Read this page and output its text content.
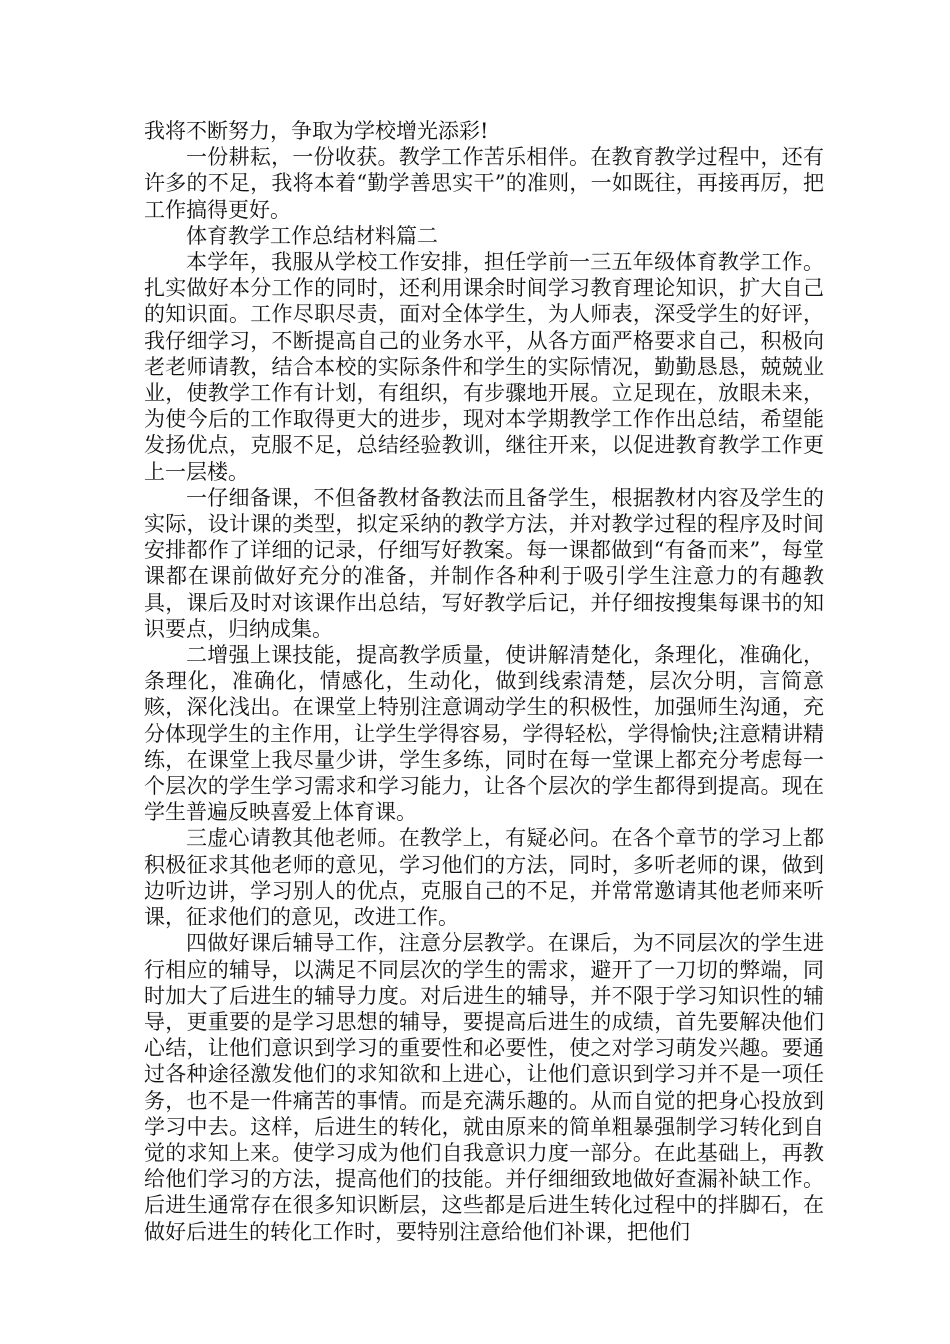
我将不断努力，争取为学校增光添彩!

一份耕耘，一份收获。教学工作苦乐相伴。在教育教学过程中，还有许多的不足，我将本着“勤学善思实干”的准则，一如既往，再接再厉，把工作搞得更好。

体育教学工作总结材料篇二

本学年，我服从学校工作安排，担任学前一三五年级体育教学工作。扎实做好本分工作的同时，还利用课余时间学习教育理论知识，扩大自己的知识面。工作尽职尽责，面对全体学生，为人师表，深受学生的好评，我仔细学习，不断提高自己的业务水平，从各方面严格要求自己，积极向老老师请教，结合本校的实际条件和学生的实际情况，勤勤恳恳，兢兢业业，使教学工作有计划，有组织，有步骤地开展。立足现在，放眼未来，为使今后的工作取得更大的进步，现对本学期教学工作作出总结，希望能发扬优点，克服不足，总结经验教训，继往开来，以促进教育教学工作更上一层楼。

一仔细备课，不但备教材备教法而且备学生，根据教材内容及学生的实际，设计课的类型，拟定采纳的教学方法，并对教学过程的程序及时间安排都作了详细的记录，仔细写好教案。每一课都做到“有备而来”，每堂课都在课前做好充分的准备，并制作各种利于吸引学生注意力的有趣教具，课后及时对该课作出总结，写好教学后记，并仔细按搜集每课书的知识要点，归纳成集。

二增强上课技能，提高教学质量，使讲解清楚化，条理化，准确化，条理化，准确化，情感化，生动化，做到线索清楚，层次分明，言简意赅，深化浅出。在课堂上特别注意调动学生的积极性，加强师生沟通，充分体现学生的主作用，让学生学得容易，学得轻松，学得愉快;注意精讲精练，在课堂上我尽量少讲，学生多练，同时在每一堂课上都充分考虑每一个层次的学生学习需求和学习能力，让各个层次的学生都得到提高。现在学生普遍反映喜爱上体育课。

三虚心请教其他老师。在教学上，有疑必问。在各个章节的学习上都积极征求其他老师的意见，学习他们的方法，同时，多听老师的课，做到边听边讲，学习别人的优点，克服自己的不足，并常常邀请其他老师来听课，征求他们的意见，改进工作。

四做好课后辅导工作，注意分层教学。在课后，为不同层次的学生进行相应的辅导，以满足不同层次的学生的需求，避开了一刀切的弊端，同时加大了后进生的辅导力度。对后进生的辅导，并不限于学习知识性的辅导，更重要的是学习思想的辅导，要提高后进生的成绩，首先要解决他们心结，让他们意识到学习的重要性和必要性，使之对学习萌发兴趣。要通过各种途径激发他们的求知欲和上进心，让他们意识到学习并不是一项任务，也不是一件痛苦的事情。而是充满乐趣的。从而自觉的把身心投放到学习中去。这样，后进生的转化，就由原来的简单粗暴强制学习转化到自觉的求知上来。使学习成为他们自我意识力度一部分。在此基础上，再教给他们学习的方法，提高他们的技能。并仔细细致地做好查漏补缺工作。后进生通常存在很多知识断层，这些都是后进生转化过程中的拌脚石，在做好后进生的转化工作时，要特别注意给他们补课，把他们
